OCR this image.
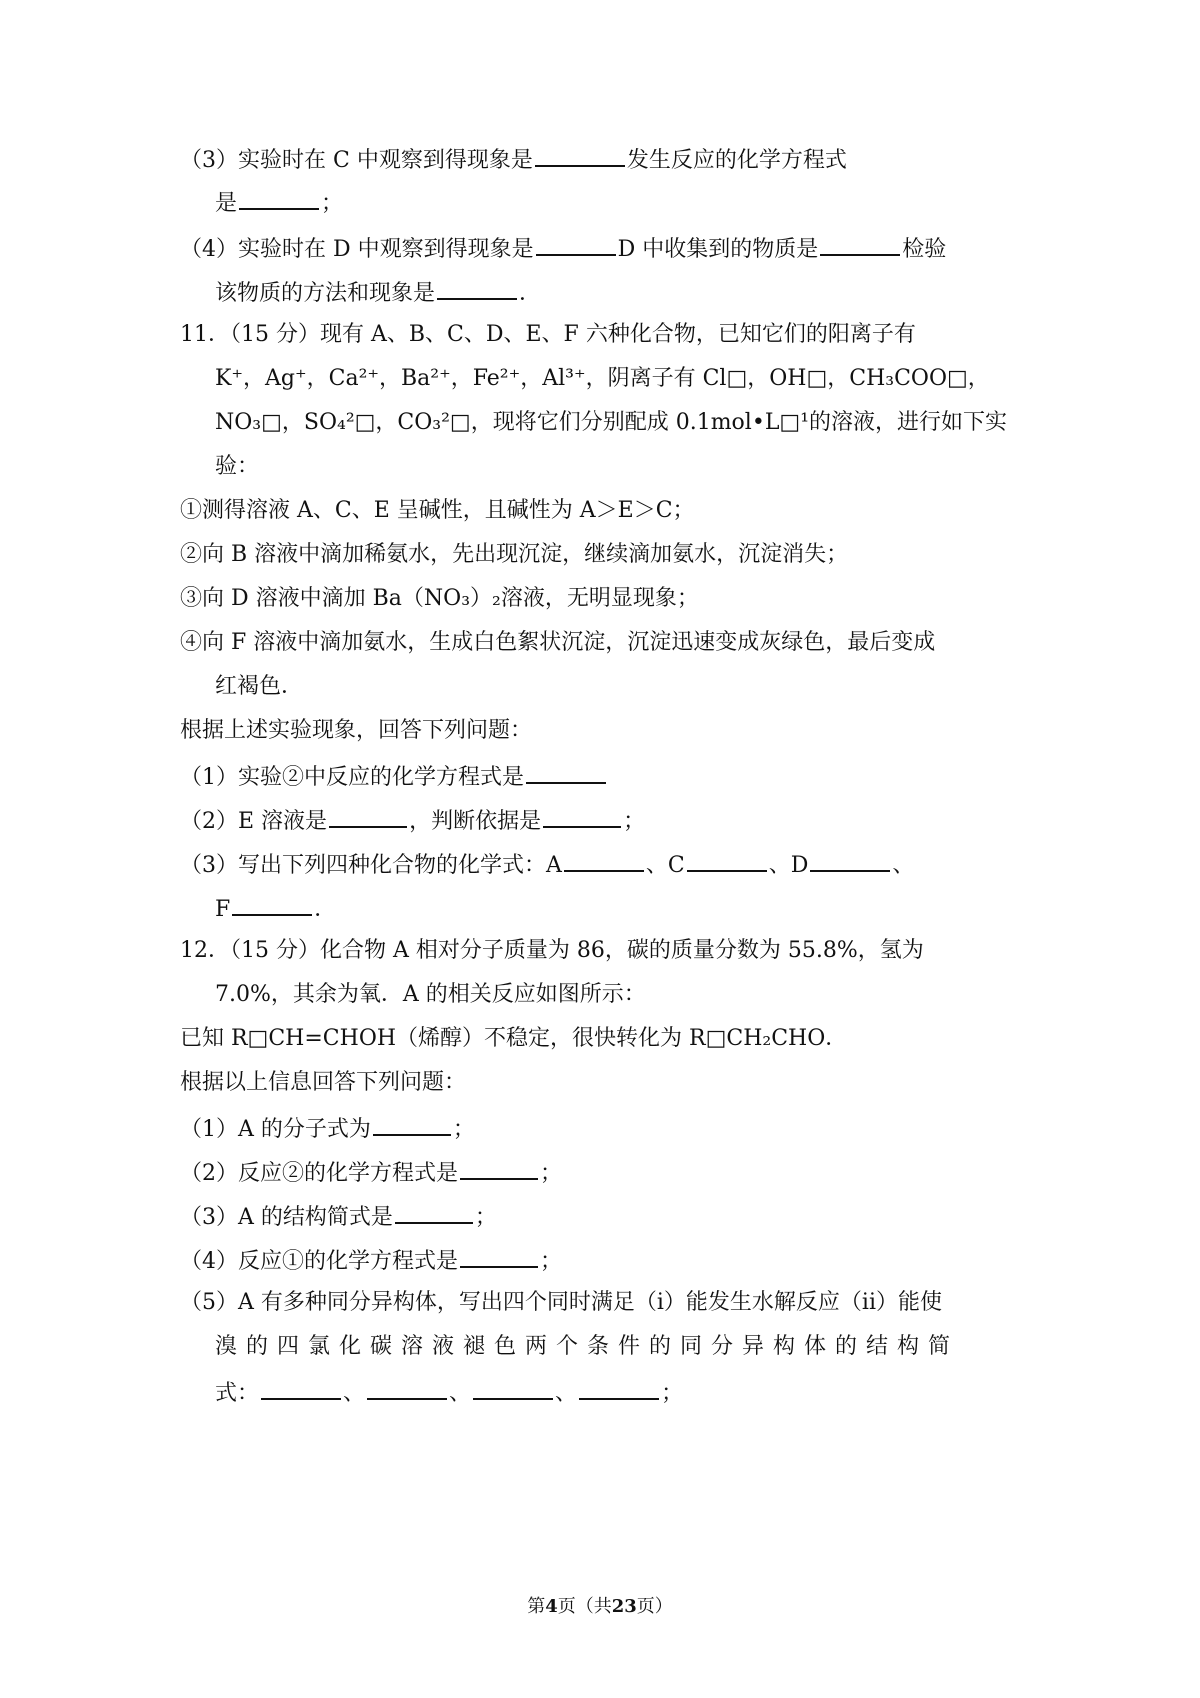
（3）实验时在 C 中观察到得现象是	发生反应的化学方程式
是	；
（4）实验时在 D 中观察到得现象是	D 中收集到的物质是	检验
该物质的方法和现象是	．
11．（15 分）现有 A、B、C、D、E、F 六种化合物，已知它们的阳离子有
K⁺，Ag⁺，Ca²⁺，Ba²⁺，Fe²⁺，Al³⁺，阴离子有 Cl□，OH□，CH₃COO□，
NO₃□，SO₄²□，CO₃²□，现将它们分别配成 0.1mol•L□¹的溶液，进行如下实
验：
①测得溶液 A、C、E 呈碱性，且碱性为 A＞E＞C；
②向 B 溶液中滴加稀氨水，先出现沉淀，继续滴加氨水，沉淀消失；
③向 D 溶液中滴加 Ba（NO₃）₂溶液，无明显现象；
④向 F 溶液中滴加氨水，生成白色絮状沉淀，沉淀迅速变成灰绿色，最后变成
红褐色．
根据上述实验现象，回答下列问题：
（1）实验②中反应的化学方程式是
（2）E 溶液是	，判断依据是	；
（3）写出下列四种化合物的化学式：A	、C	、D	、
F	．
12．（15 分）化合物 A 相对分子质量为 86，碳的质量分数为 55.8%，氢为
7.0%，其余为氧．A 的相关反应如图所示：
已知 R□CH=CHOH（烯醇）不稳定，很快转化为 R□CH₂CHO．
根据以上信息回答下列问题：
（1）A 的分子式为	；
（2）反应②的化学方程式是	；
（3）A 的结构简式是	；
（4）反应①的化学方程式是	；
（5）A 有多种同分异构体，写出四个同时满足（i）能发生水解反应（ii）能使
溴的四氯化碳溶液褪色两个条件的同分异构体的结构简
式：	、	、	、	；
第4页（共23页）
